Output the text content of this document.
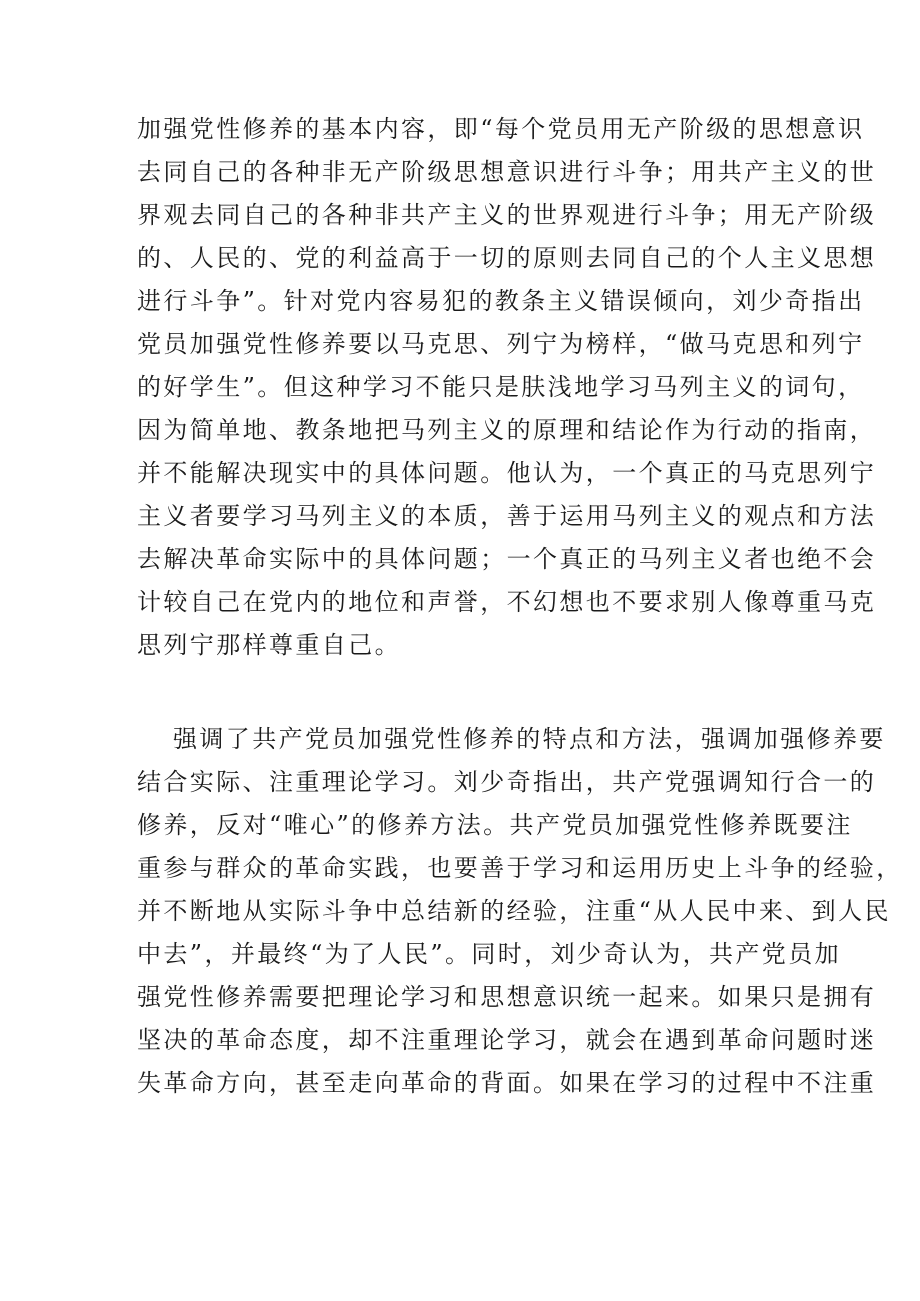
加强党性修养的基本内容，即“每个党员用无产阶级的思想意识
去同自己的各种非无产阶级思想意识进行斗争；用共产主义的世
界观去同自己的各种非共产主义的世界观进行斗争；用无产阶级
的、人民的、党的利益高于一切的原则去同自己的个人主义思想
进行斗争”。针对党内容易犯的教条主义错误倾向，刘少奇指出
党员加强党性修养要以马克思、列宁为榜样，“做马克思和列宁
的好学生”。但这种学习不能只是肤浅地学习马列主义的词句，
因为简单地、教条地把马列主义的原理和结论作为行动的指南，
并不能解决现实中的具体问题。他认为，一个真正的马克思列宁
主义者要学习马列主义的本质，善于运用马列主义的观点和方法
去解决革命实际中的具体问题；一个真正的马列主义者也绝不会
计较自己在党内的地位和声誉，不幻想也不要求别人像尊重马克
思列宁那样尊重自己。
强调了共产党员加强党性修养的特点和方法，强调加强修养要
结合实际、注重理论学习。刘少奇指出，共产党强调知行合一的
修养，反对“唯心”的修养方法。共产党员加强党性修养既要注
重参与群众的革命实践，也要善于学习和运用历史上斗争的经验，
并不断地从实际斗争中总结新的经验，注重“从人民中来、到人民
中去”，并最终“为了人民”。同时，刘少奇认为，共产党员加
强党性修养需要把理论学习和思想意识统一起来。如果只是拥有
坚决的革命态度，却不注重理论学习，就会在遇到革命问题时迷
失革命方向，甚至走向革命的背面。如果在学习的过程中不注重
